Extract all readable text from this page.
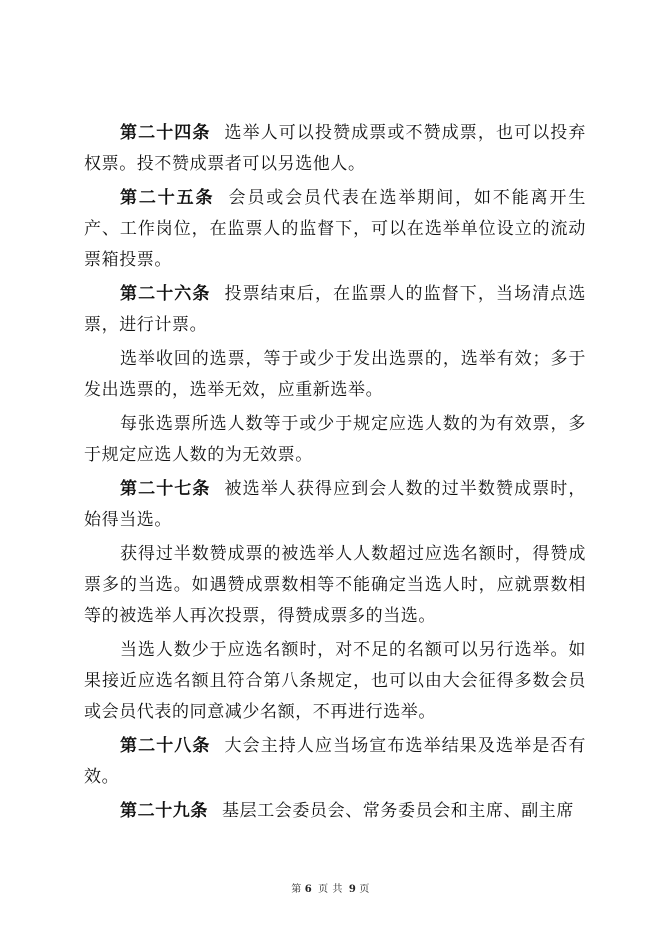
第二十四条 选举人可以投赞成票或不赞成票，也可以投弃权票。投不赞成票者可以另选他人。

第二十五条 会员或会员代表在选举期间，如不能离开生产、工作岗位，在监票人的监督下，可以在选举单位设立的流动票箱投票。

第二十六条 投票结束后，在监票人的监督下，当场清点选票，进行计票。

选举收回的选票，等于或少于发出选票的，选举有效；多于发出选票的，选举无效，应重新选举。

每张选票所选人数等于或少于规定应选人数的为有效票，多于规定应选人数的为无效票。

第二十七条 被选举人获得应到会人数的过半数赞成票时，始得当选。

获得过半数赞成票的被选举人人数超过应选名额时，得赞成票多的当选。如遇赞成票数相等不能确定当选人时，应就票数相等的被选举人再次投票，得赞成票多的当选。

当选人数少于应选名额时，对不足的名额可以另行选举。如果接近应选名额且符合第八条规定，也可以由大会征得多数会员或会员代表的同意减少名额，不再进行选举。

第二十八条 大会主持人应当场宣布选举结果及选举是否有效。

第二十九条 基层工会委员会、常务委员会和主席、副主席

第 6 页 共 9 页
